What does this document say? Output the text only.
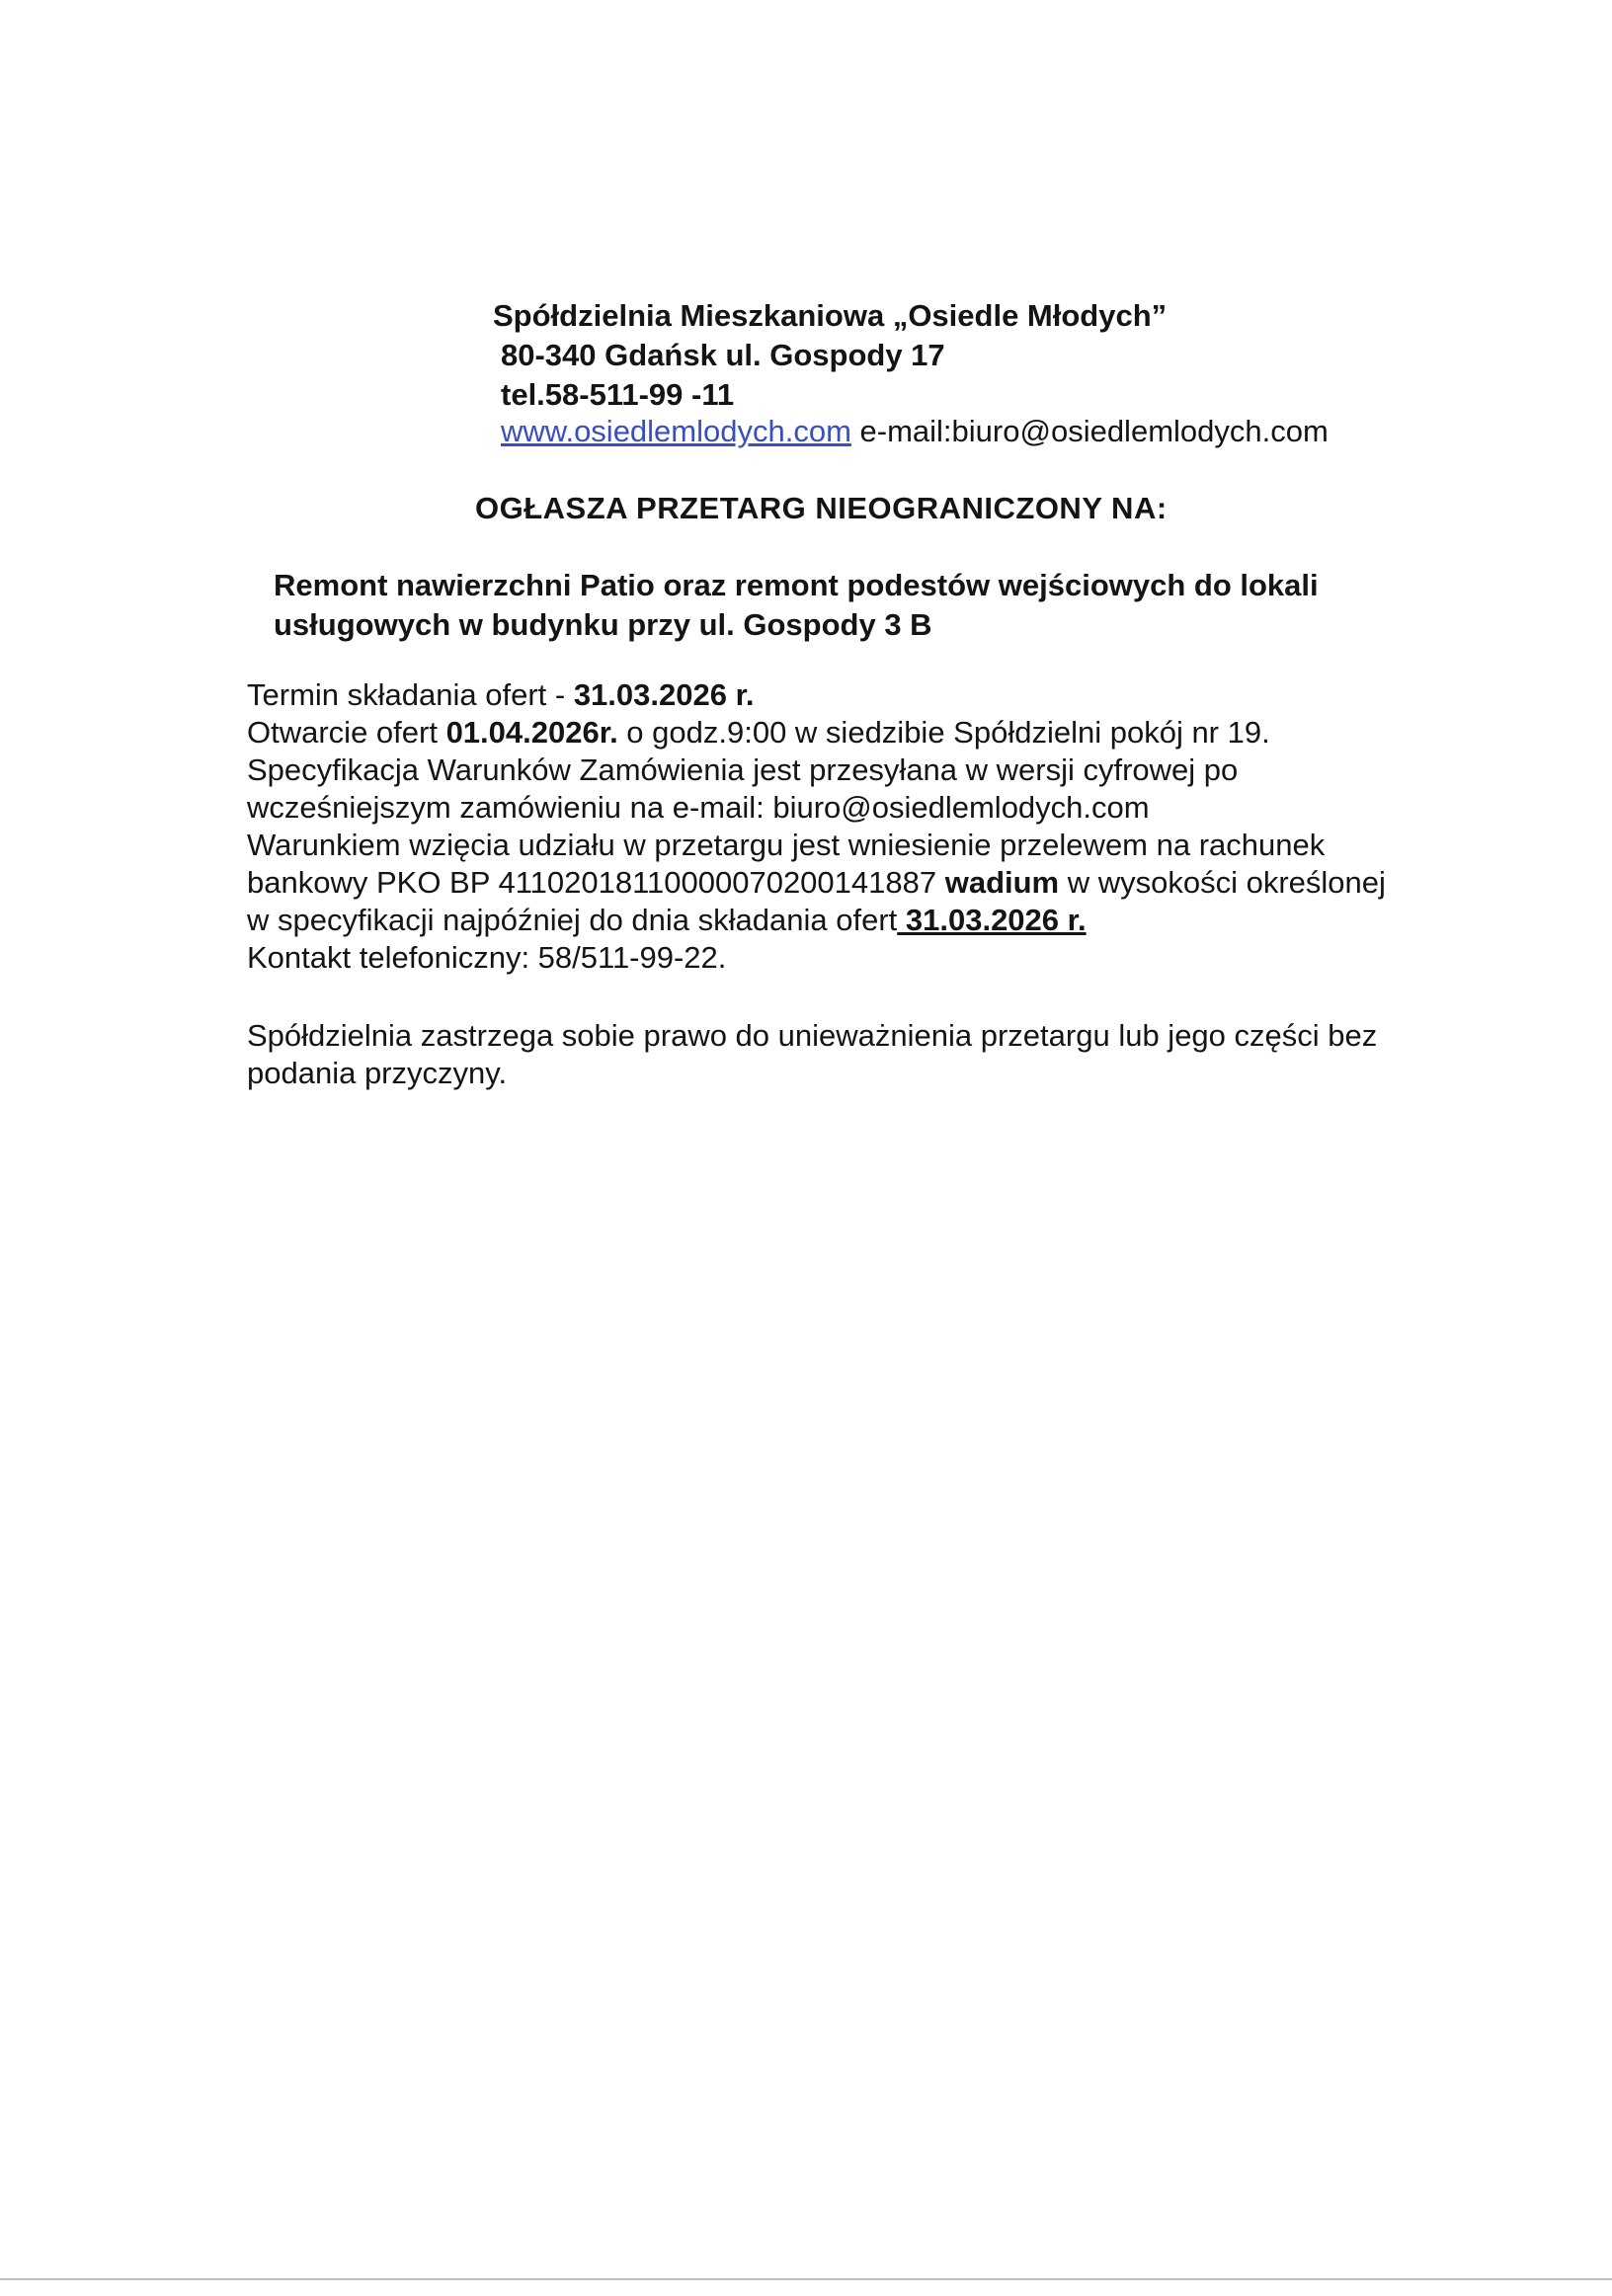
Spółdzielnia Mieszkaniowa „Osiedle Młodych”
80-340 Gdańsk ul. Gospody 17
tel.58-511-99 -11
www.osiedlemlodych.com e-mail:biuro@osiedlemlodych.com
OGŁASZA PRZETARG NIEOGRANICZONY NA:
Remont nawierzchni Patio oraz remont podestów wejściowych do lokali
usługowych w budynku przy ul. Gospody 3 B
Termin składania ofert - 31.03.2026 r.
Otwarcie ofert 01.04.2026r. o godz.9:00 w siedzibie Spółdzielni pokój nr 19.
Specyfikacja Warunków Zamówienia jest przesyłana w wersji cyfrowej po
wcześniejszym zamówieniu na e-mail: biuro@osiedlemlodych.com
Warunkiem wzięcia udziału w przetargu jest wniesienie przelewem na rachunek
bankowy PKO BP 41102018110000070200141887 wadium w wysokości określonej
w specyfikacji najpóźniej do dnia składania ofert 31.03.2026 r.
Kontakt telefoniczny: 58/511-99-22.
Spółdzielnia zastrzega sobie prawo do unieważnienia przetargu lub jego części bez
podania przyczyny.
